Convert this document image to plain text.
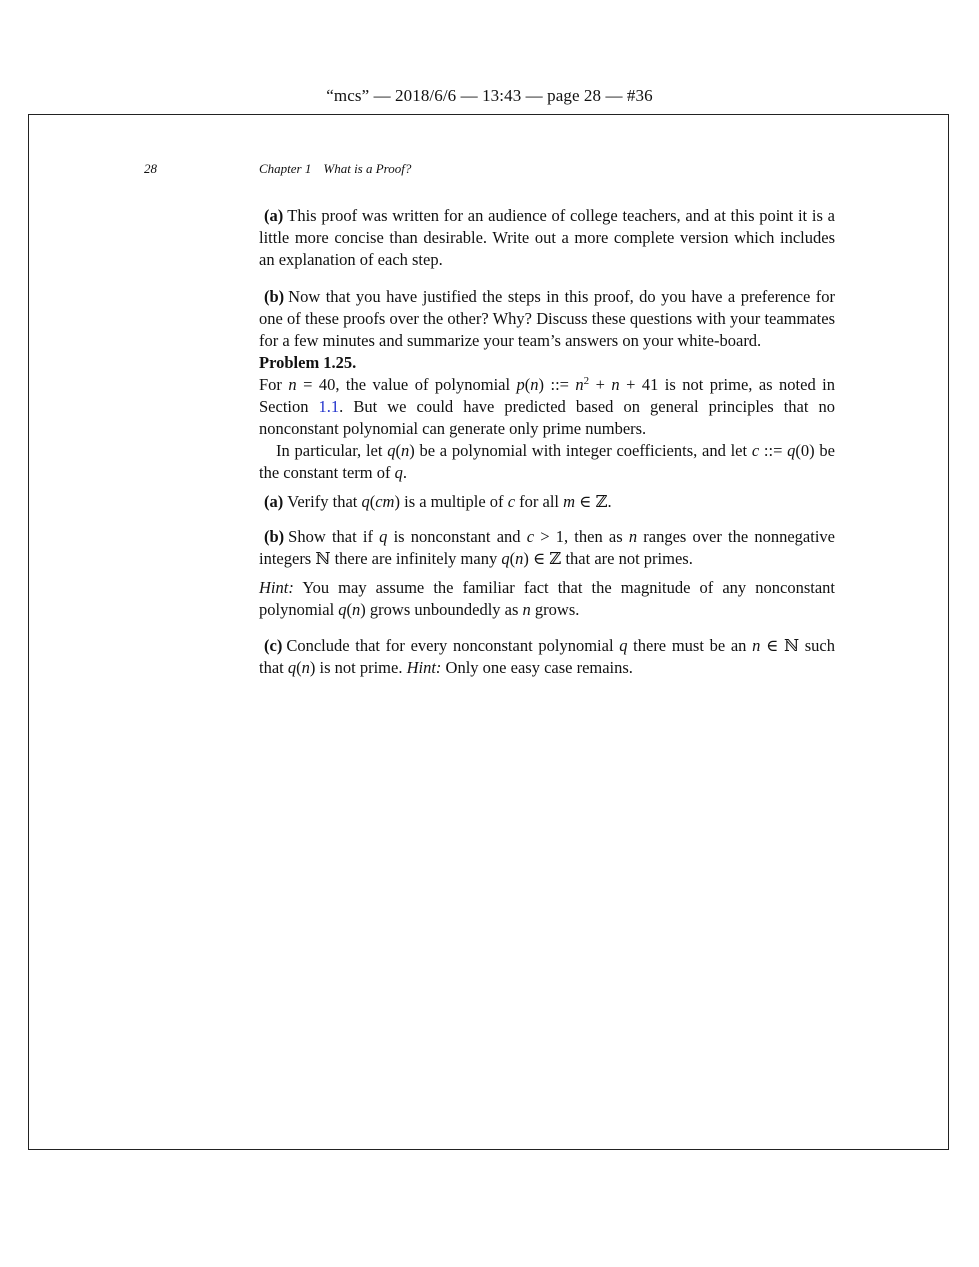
“mcs” — 2018/6/6 — 13:43 — page 28 — #36
28	Chapter 1 What is a Proof?

(a) This proof was written for an audience of college teachers, and at this point it is a little more concise than desirable. Write out a more complete version which includes an explanation of each step.

(b) Now that you have justified the steps in this proof, do you have a preference for one of these proofs over the other? Why? Discuss these questions with your teammates for a few minutes and summarize your team’s answers on your white-board.

Problem 1.25.

For n = 40, the value of polynomial p(n) ::= $n^2 + n + 41$ is not prime, as noted in Section 1.1. But we could have predicted based on general principles that no nonconstant polynomial can generate only prime numbers.

In particular, let q(n) be a polynomial with integer coefficients, and let c ::= q(0) be the constant term of q.

(a) Verify that q(cm) is a multiple of c for all m ∈ ℤ.

(b) Show that if q is nonconstant and c > 1, then as n ranges over the nonnegative integers ℕ there are infinitely many q(n) ∈ ℤ that are not primes.

Hint: You may assume the familiar fact that the magnitude of any nonconstant polynomial q(n) grows unboundedly as n grows.

(c) Conclude that for every nonconstant polynomial q there must be an n ∈ ℕ such that q(n) is not prime. Hint: Only one easy case remains.
